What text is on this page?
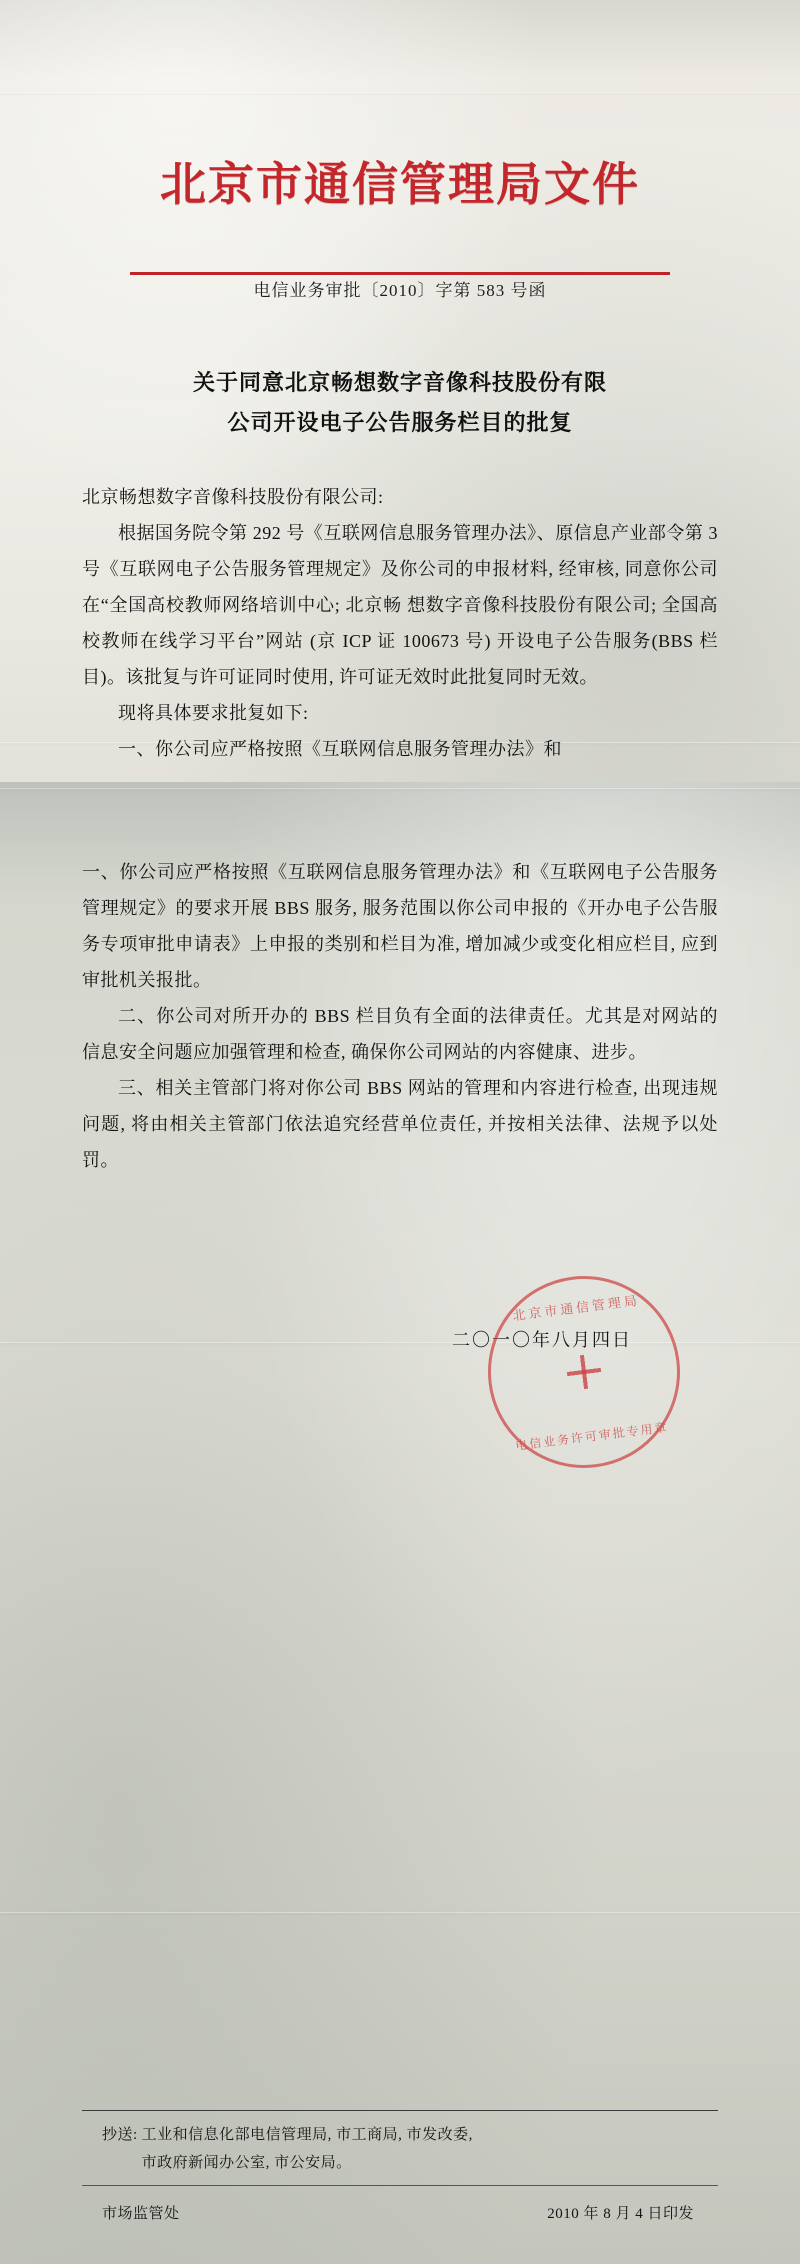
北京市通信管理局文件
电信业务审批〔2010〕字第 583 号函
关于同意北京畅想数字音像科技股份有限
公司开设电子公告服务栏目的批复
北京畅想数字音像科技股份有限公司:

根据国务院令第 292 号《互联网信息服务管理办法》、原信息产业部令第 3 号《互联网电子公告服务管理规定》及你公司的申报材料, 经审核, 同意你公司在“全国高校教师网络培训中心; 北京畅 想数字音像科技股份有限公司; 全国高校教师在线学习平台”网站 (京 ICP 证 100673 号) 开设电子公告服务(BBS 栏目)。该批复与许可证同时使用, 许可证无效时此批复同时无效。

现将具体要求批复如下:

一、你公司应严格按照《互联网信息服务管理办法》和

一、你公司应严格按照《互联网信息服务管理办法》和《互联网电子公告服务管理规定》的要求开展 BBS 服务, 服务范围以你公司申报的《开办电子公告服务专项审批申请表》上申报的类别和栏目为准, 增加减少或变化相应栏目, 应到审批机关报批。

二、你公司对所开办的 BBS 栏目负有全面的法律责任。尤其是对网站的信息安全问题应加强管理和检查, 确保你公司网站的内容健康、进步。

三、相关主管部门将对你公司 BBS 网站的管理和内容进行检查, 出现违规问题, 将由相关主管部门依法追究经营单位责任, 并按相关法律、法规予以处罚。

二〇一〇年八月四日
北京市通信管理局
电信业务许可审批专用章
抄送: 工业和信息化部电信管理局, 市工商局, 市发改委,
市政府新闻办公室, 市公安局。
市场监管处	2010 年 8 月 4 日印发
